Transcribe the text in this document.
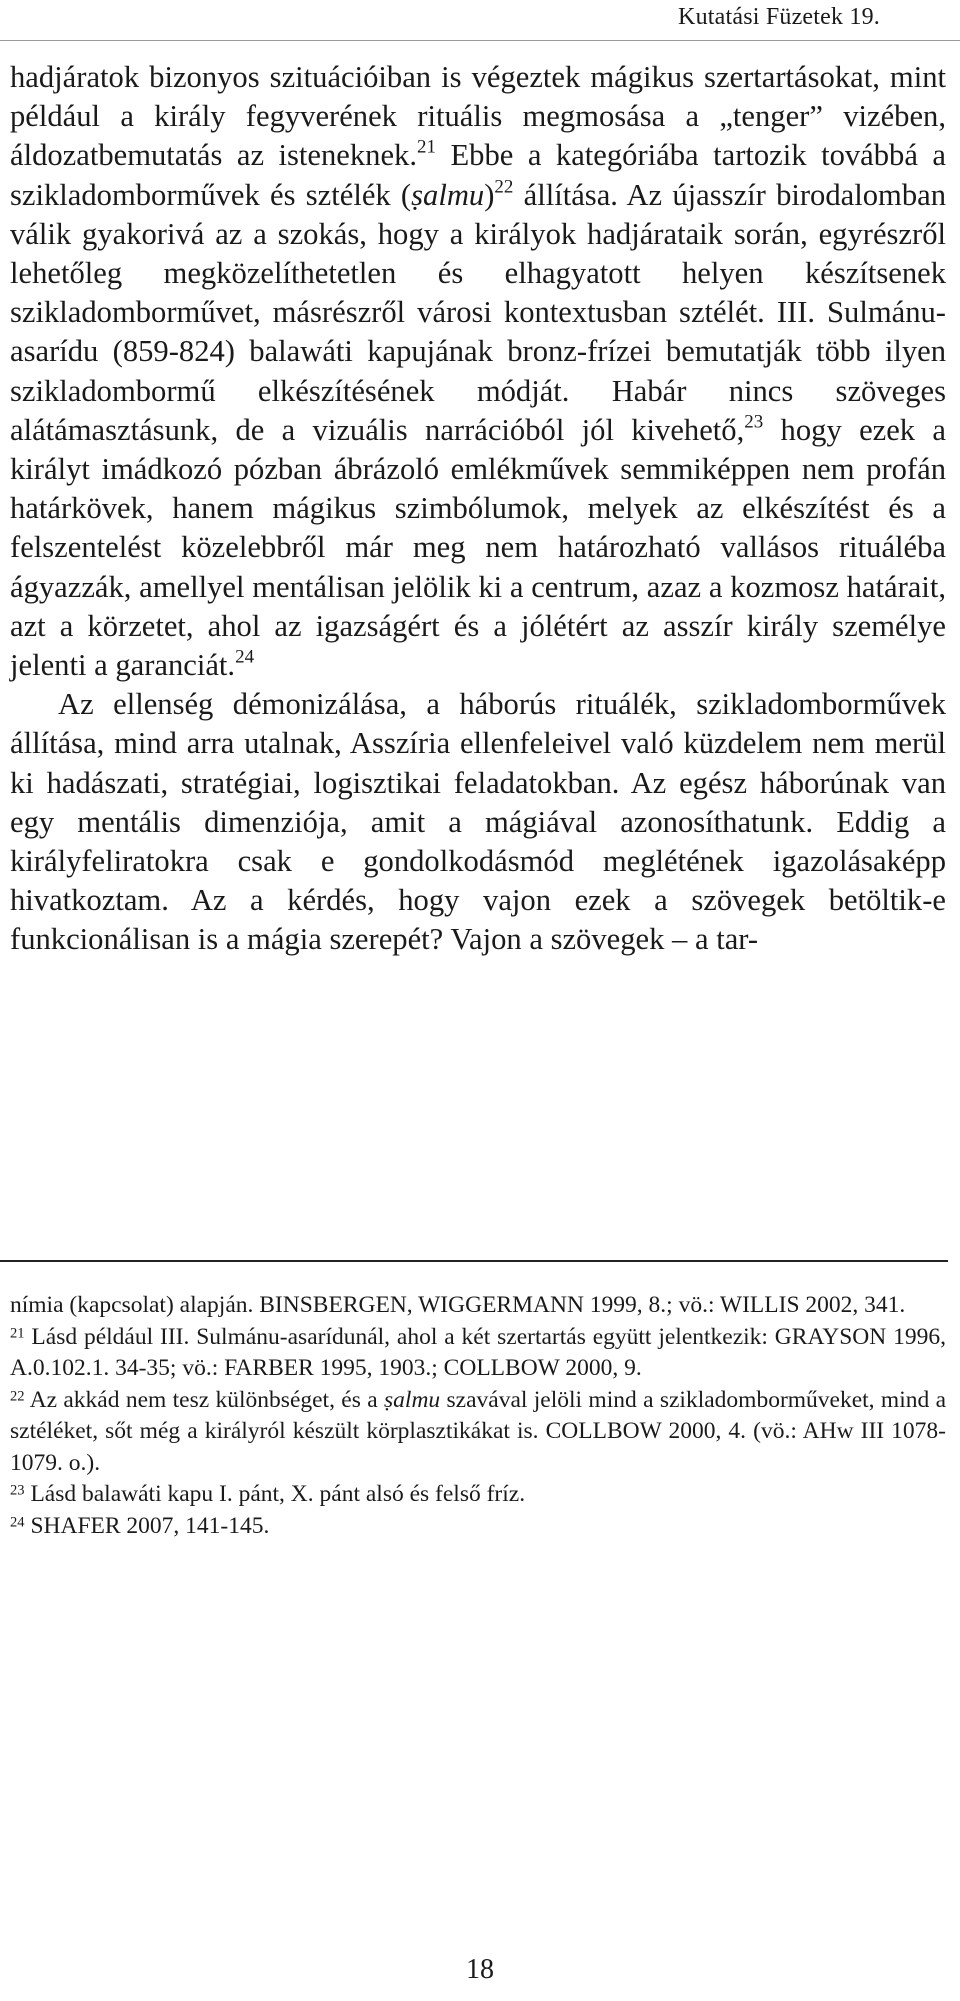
Kutatási Füzetek 19.

hadjáratok bizonyos szituációiban is végeztek mágikus szertartásokat, mint például a király fegyverének rituális megmosása a „tenger” vizében, áldozatbemutatás az isteneknek.$^{21}$ Ebbe a kategóriába tartozik továbbá a szikladomborművek és sztélék (ṣalmu)$^{22}$ állítása. Az újasszír birodalomban válik gyakorivá az a szokás, hogy a királyok hadjárataik során, egyrészről lehetőleg megközelíthetetlen és elhagyatott helyen készítsenek szikladomborművet, másrészről városi kontextusban sztélét. III. Sulmánu-asarídu (859-824) balawáti kapujának bronz-frízei bemutatják több ilyen szikladombormű elkészítésének módját. Habár nincs szöveges alátámasztásunk, de a vizuális narrációból jól kivehető,$^{23}$ hogy ezek a királyt imádkozó pózban ábrázoló emlékművek semmiképpen nem profán határkövek, hanem mágikus szimbólumok, melyek az elkészítést és a felszentelést közelebbről már meg nem határozható vallásos rituáléba ágyazzák, amellyel mentálisan jelölik ki a centrum, azaz a kozmosz határait, azt a körzetet, ahol az igazságért és a jólétért az asszír király személye jelenti a garanciát.$^{24}$

Az ellenség démonizálása, a háborús rituálék, szikladomborművek állítása, mind arra utalnak, Asszíria ellenfeleivel való küzdelem nem merül ki hadászati, stratégiai, logisztikai feladatokban. Az egész háborúnak van egy mentális dimenziója, amit a mágiával azonosíthatunk. Eddig a királyfeliratokra csak e gondolkodásmód meglétének igazolásaképp hivatkoztam. Az a kérdés, hogy vajon ezek a szövegek betöltik-e funkcionálisan is a mágia szerepét? Vajon a szövegek – a tar-

nímia (kapcsolat) alapján. BINSBERGEN, WIGGERMANN 1999, 8.; vö.: WILLIS 2002, 341.

$^{21}$ Lásd például III. Sulmánu-asarídunál, ahol a két szertartás együtt jelentkezik: GRAYSON 1996, A.0.102.1. 34-35; vö.: FARBER 1995, 1903.; COLLBOW 2000, 9.

$^{22}$ Az akkád nem tesz különbséget, és a ṣalmu szavával jelöli mind a szikladomborműveket, mind a sztéléket, sőt még a királyról készült körplasztikákat is. COLLBOW 2000, 4. (vö.: AHw III 1078-1079. o.).

$^{23}$ Lásd balawáti kapu I. pánt, X. pánt alsó és felső fríz.

$^{24}$ SHAFER 2007, 141-145.

18
